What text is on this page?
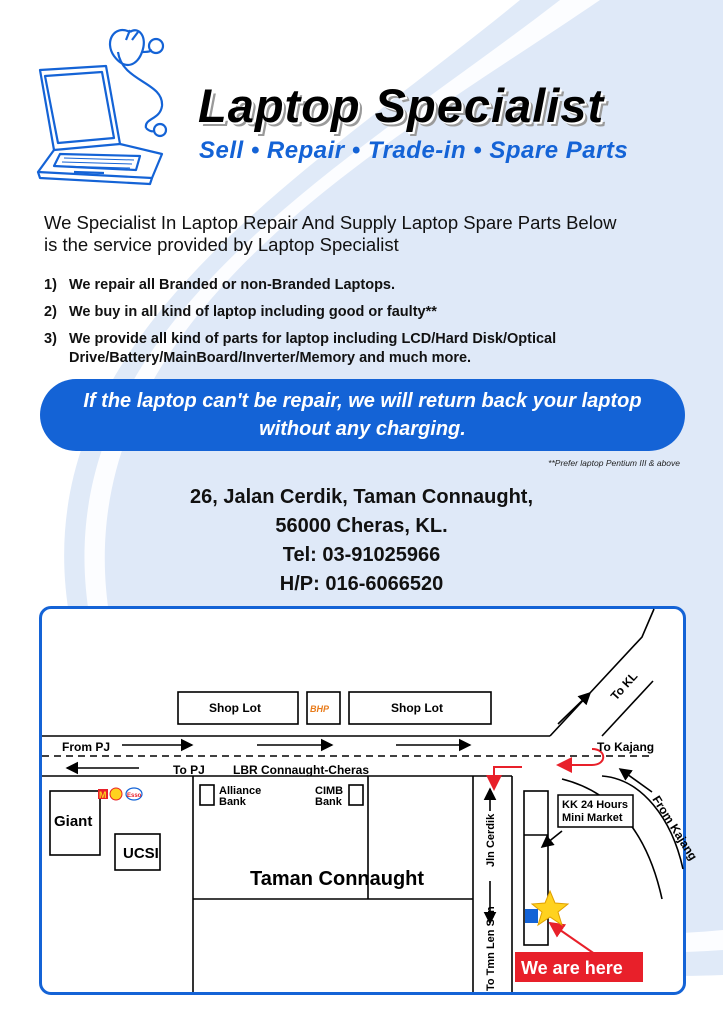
Laptop Specialist
Sell • Repair • Trade-in • Spare Parts
We Specialist In Laptop Repair And Supply Laptop Spare Parts Below
is the service provided by Laptop Specialist
1) We repair all Branded or non-Branded Laptops.
2) We buy in all kind of laptop including good or faulty**
3) We provide all kind of parts for laptop including LCD/Hard Disk/Optical Drive/Battery/MainBoard/Inverter/Memory and much more.
If the laptop can't be repair, we will return back your laptop
without any charging.
**Prefer laptop Pentium III & above
26, Jalan Cerdik, Taman Connaught,
56000 Cheras, KL.
Tel: 03-91025966
H/P: 016-6066520
M	Esso
BHP
Shop Lot	Shop Lot
From PJ
To PJ LBR Connaught-Cheras
To Kajang
To KL
From Kajang
Giant
UCSI
Alliance
Bank
CIMB
Bank
Taman Connaught
Jln Cerdik
To Tmn Len Sen
KK 24 Hours
Mini Market
We are here
